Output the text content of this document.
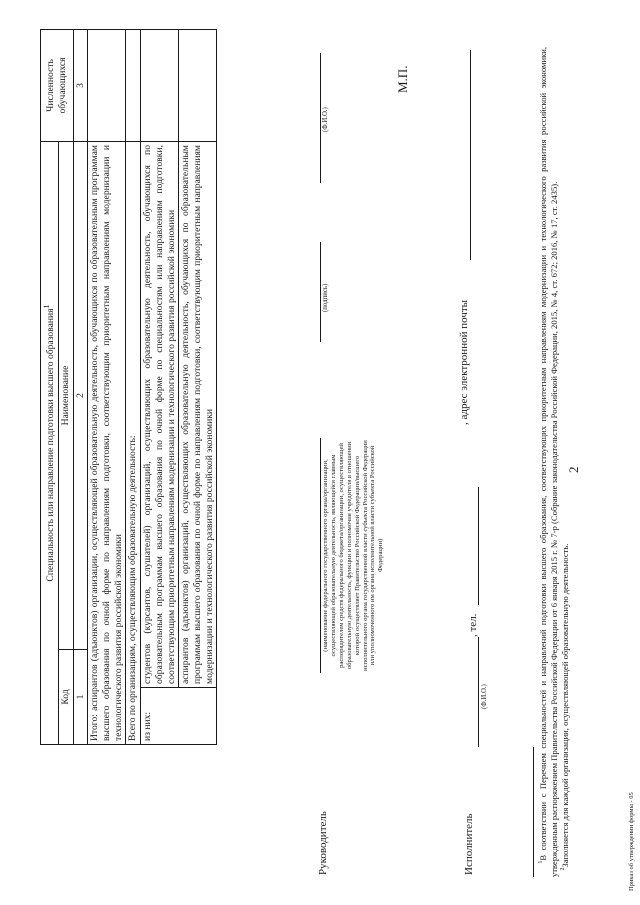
2
Специальность или направление подготовки высшего образования$^1$			Численность обучающихся
Код		Наименование	
1		2	3
Итого: аспирантов (адъюнктов) организации, осуществляющей образовательную деятельность, обучающихся по образовательным программам высшего образования по очной форме по направлениям подготовки, соответствующим приоритетным направлениям модернизации и технологического развития российской экономики			
Всего по организациям, осуществляющим образовательную деятельность:			
из них:	студентов (курсантов, слушателей) организаций, осуществляющих образовательную деятельность, обучающихся по образовательным программам высшего образования по очной форме по специальностям или направлениям подготовки, соответствующим приоритетным направлениям модернизации и технологического развития российской экономики		
	аспирантов (адъюнктов) организаций, осуществляющих образовательную деятельность, обучающихся по образовательным программам высшего образования по очной форме по направлениям подготовки, соответствующим приоритетным направлениям модернизации и технологического развития российской экономики		
Руководитель
(наименование федерального государственного органа/организации, осуществляющей образовательную деятельность, являющейся главным распорядителем средств федерального бюджета/организации, осуществляющей образовательную деятельность, функции и полномочия учредителя в отношении которой осуществляет Правительство Российской Федерации/высшего исполнительного органа государственной власти субъекта Российской Федерации или уполномоченного им органа исполнительной власти субъекта Российской Федерации)
(подпись)
(Ф.И.О.)
М.П.
Исполнитель
(Ф.И.О.)
, тел.
, адрес электронной почты
$^1$В соответствии с Перечнем специальностей и направлений подготовки высшего образования, соответствующих приоритетным направлениям модернизации и технологического развития российской экономики, утвержденным распоряжением Правительства Российской Федерации от 6 января 2015 г. № 7-р (Собрание законодательства Российской Федерации, 2015, № 4, ст. 672; 2016, № 17, ст. 2435). $^2$Заполняется для каждой организации, осуществляющей образовательную деятельность.	Приказ об утверждении формы - 05
